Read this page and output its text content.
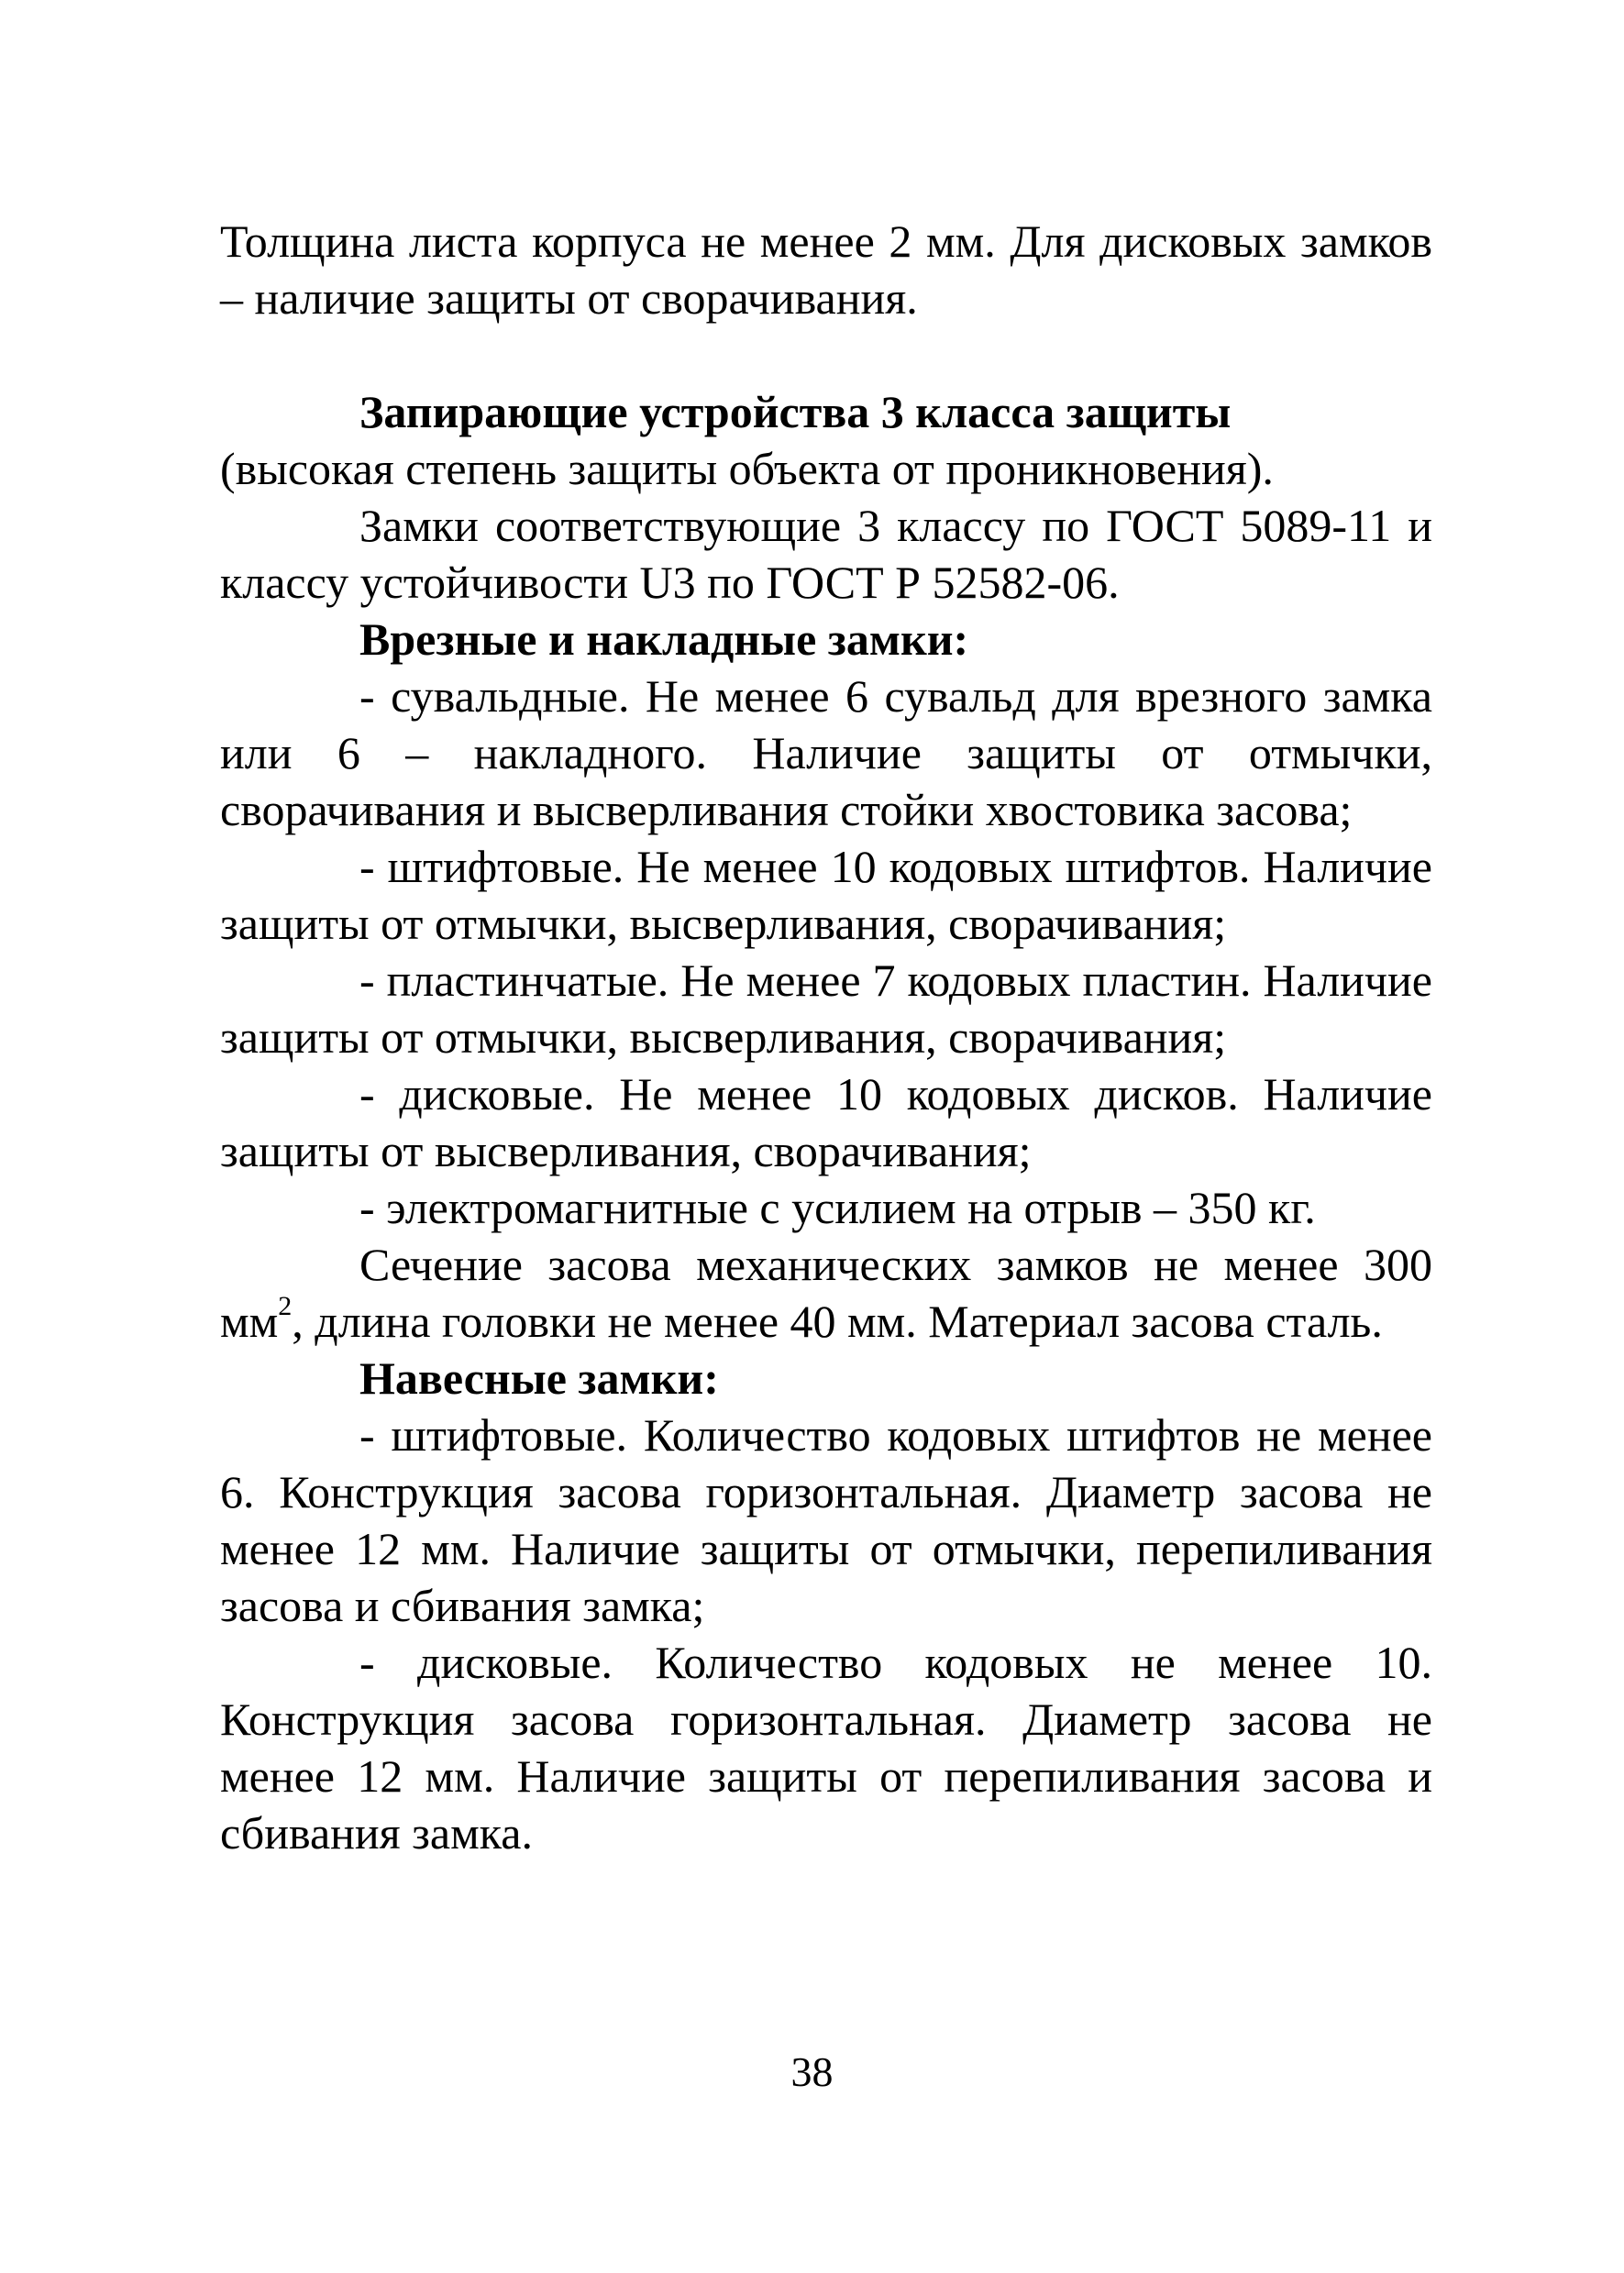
Толщина листа корпуса не менее 2 мм. Для дисковых замков – наличие защиты от сворачивания.

Запирающие устройства 3 класса защиты

(высокая степень защиты объекта от проникновения).

Замки соответствующие 3 классу по ГОСТ 5089-11 и классу устойчивости U3 по ГОСТ Р 52582-06.

Врезные и накладные замки:

- сувальдные. Не менее 6 сувальд для врезного замка или 6 – накладного. Наличие защиты от отмычки, сворачивания и высверливания стойки хвостовика засова;

- штифтовые. Не менее 10 кодовых штифтов. Наличие защиты от отмычки, высверливания, сворачивания;

- пластинчатые. Не менее 7 кодовых пластин. Наличие защиты от отмычки, высверливания, сворачивания;

- дисковые. Не менее 10 кодовых дисков. Наличие защиты от высверливания, сворачивания;

- электромагнитные с усилием на отрыв – 350 кг.

Сечение засова механических замков не менее 300 $мм^2$, длина головки не менее 40 мм. Материал засова сталь.

Навесные замки:

- штифтовые. Количество кодовых штифтов не менее 6. Конструкция засова горизонтальная. Диаметр засова не менее 12 мм. Наличие защиты от отмычки, перепиливания засова и сбивания замка;

- дисковые. Количество кодовых не менее 10. Конструкция засова горизонтальная. Диаметр засова не менее 12 мм. Наличие защиты от перепиливания засова и сбивания замка.

38
